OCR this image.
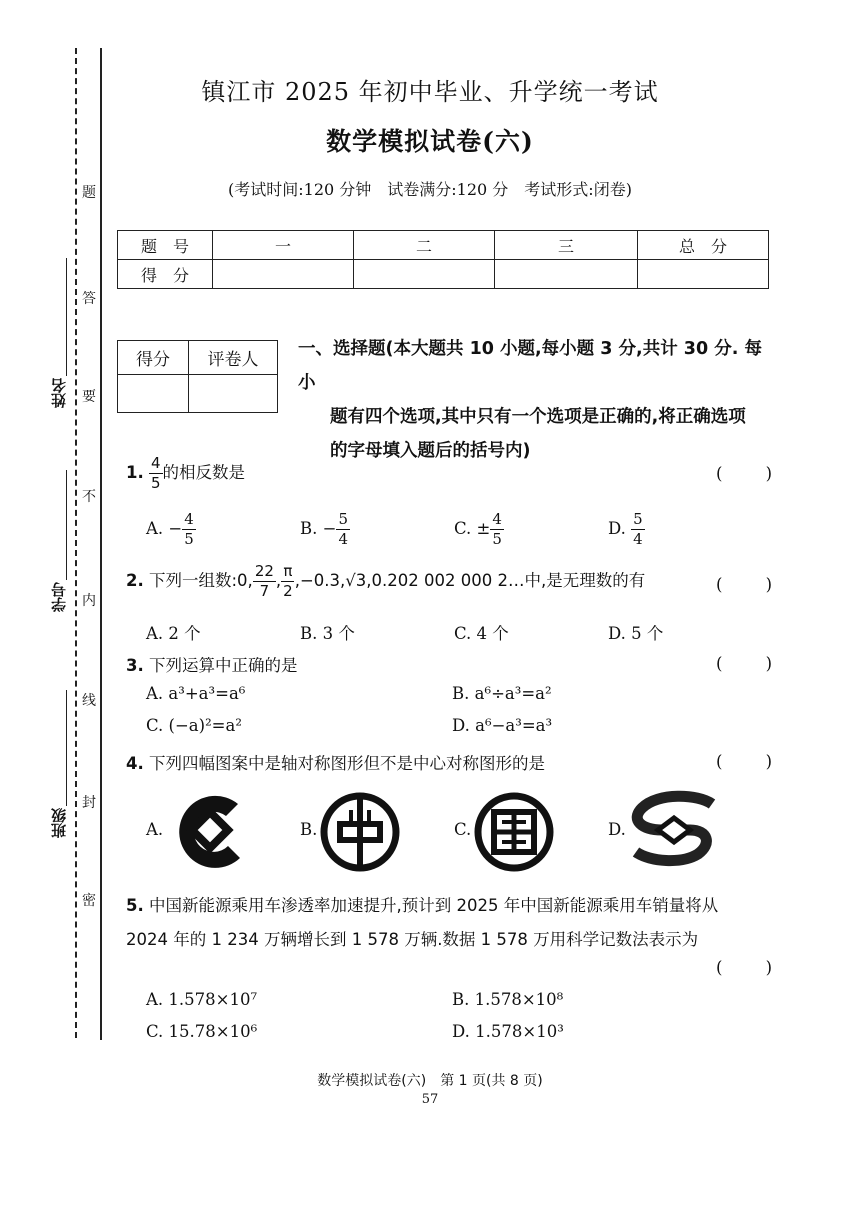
题
答
要
不
内
线
封
密
姓名
学号
班级
镇江市 2025 年初中毕业、升学统一考试
数学模拟试卷(六)
(考试时间:120 分钟　试卷满分:120 分　考试形式:闭卷)
题　号	一	二	三	总　分
得　分				
得分	评卷人

一、选择题(本大题共 10 小题,每小题 3 分,共计 30 分. 每小
题有四个选项,其中只有一个选项是正确的,将正确选项
的字母填入题后的括号内)
1. $\frac{4}{5}$ 的相反数是	(	)
A. − $\frac{4}{5}$	B. − $\frac{5}{4}$	C. ± $\frac{4}{5}$	D. $\frac{5}{4}$
2. 下列一组数:0, $\frac{22}{7}$ , $\frac{\pi}{2} ,-0.3,√3,0.202$ 002 000 2…中,是无理数的有	(	)
A. 2 个	B. 3 个	C. 4 个	D. 5 个
3. 下列运算中正确的是	(	)
A. a³+a³=a⁶	B. a⁶÷a³=a²
C. (−a)²=a²	D. a⁶−a³=a³
4. 下列四幅图案中是轴对称图形但不是中心对称图形的是	(	)
A.	B.	C.	D.
5. 中国新能源乘用车渗透率加速提升,预计到 2025 年中国新能源乘用车销量将从
2024 年的 1 234 万辆增长到 1 578 万辆.数据 1 578 万用科学记数法表示为
(	)
A. 1.578×10⁷	B. 1.578×10⁸
C. 15.78×10⁶	D. 1.578×10³
数学模拟试卷(六)　第 1 页(共 8 页)
57
